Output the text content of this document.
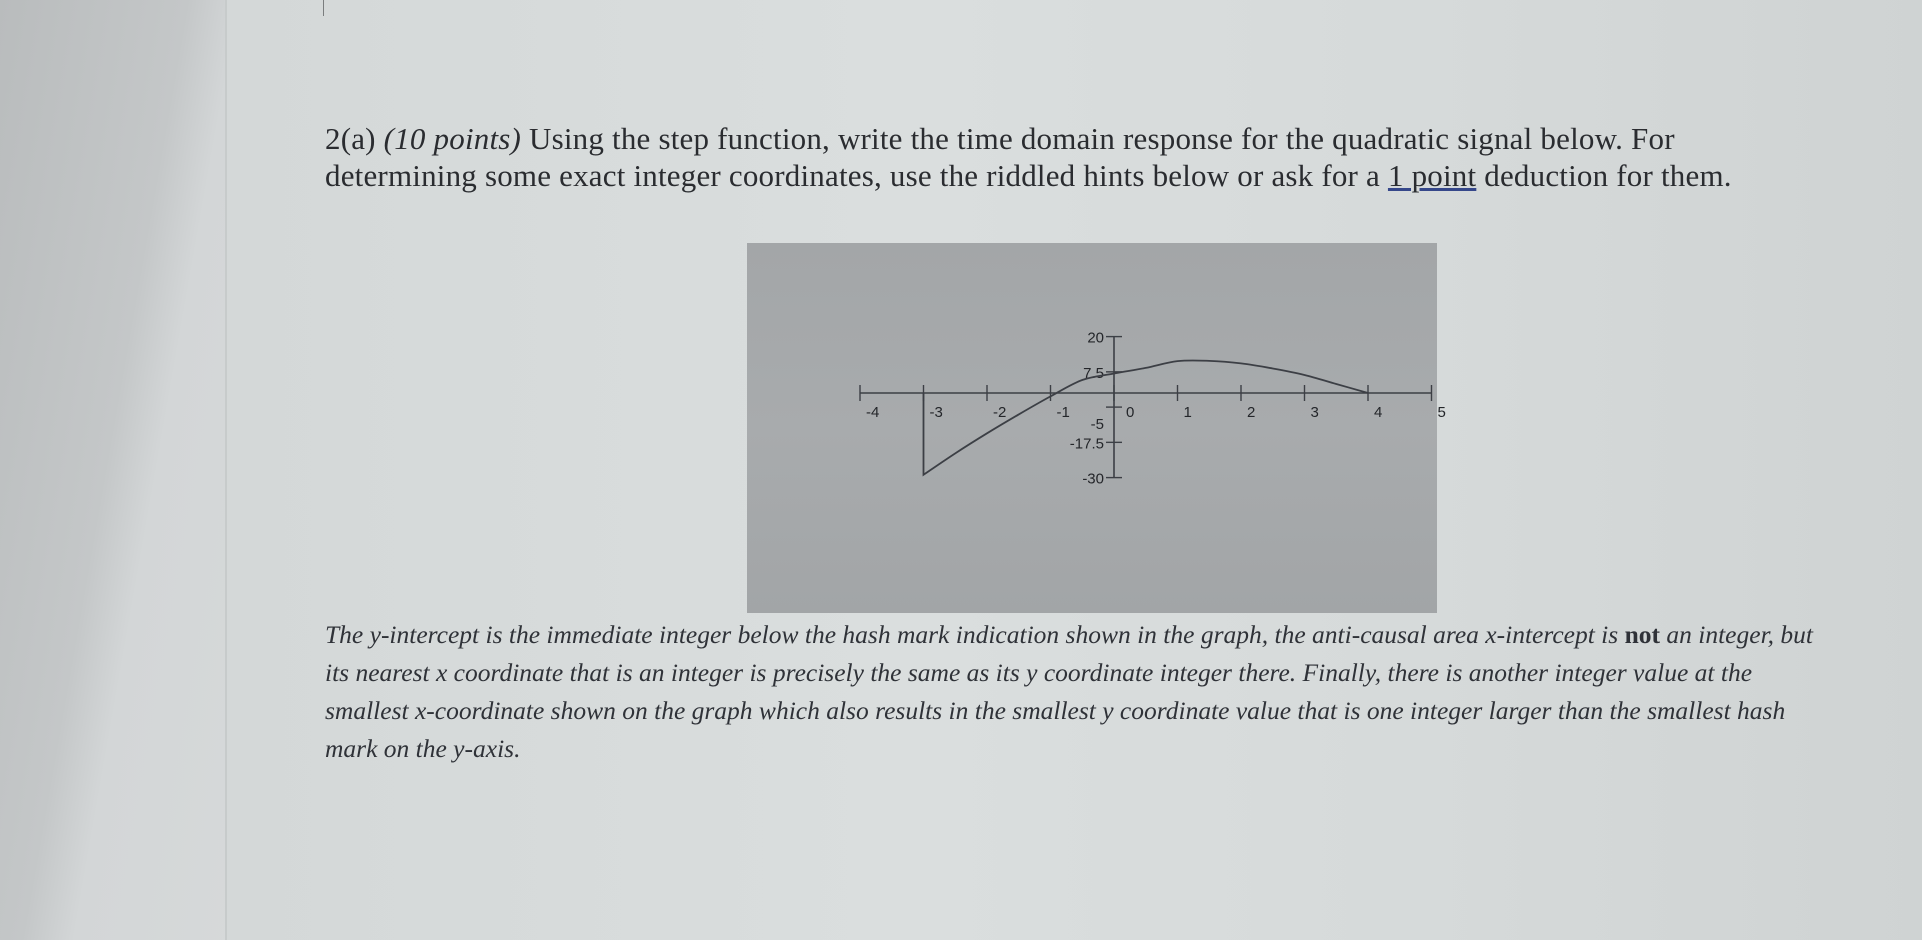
2(a) (10 points) Using the step function, write the time domain response for the quadratic signal below. For determining some exact integer coordinates, use the riddled hints below or ask for a 1 point deduction for them.
-4	-3	-2	-1	0	1	2	3	4	5
20
7.5
-5
-17.5
-30
The y-intercept is the immediate integer below the hash mark indication shown in the graph, the anti-causal area x-intercept is not an integer, but its nearest x coordinate that is an integer is precisely the same as its y coordinate integer there. Finally, there is another integer value at the smallest x-coordinate shown on the graph which also results in the smallest y coordinate value that is one integer larger than the smallest hash mark on the y-axis.
